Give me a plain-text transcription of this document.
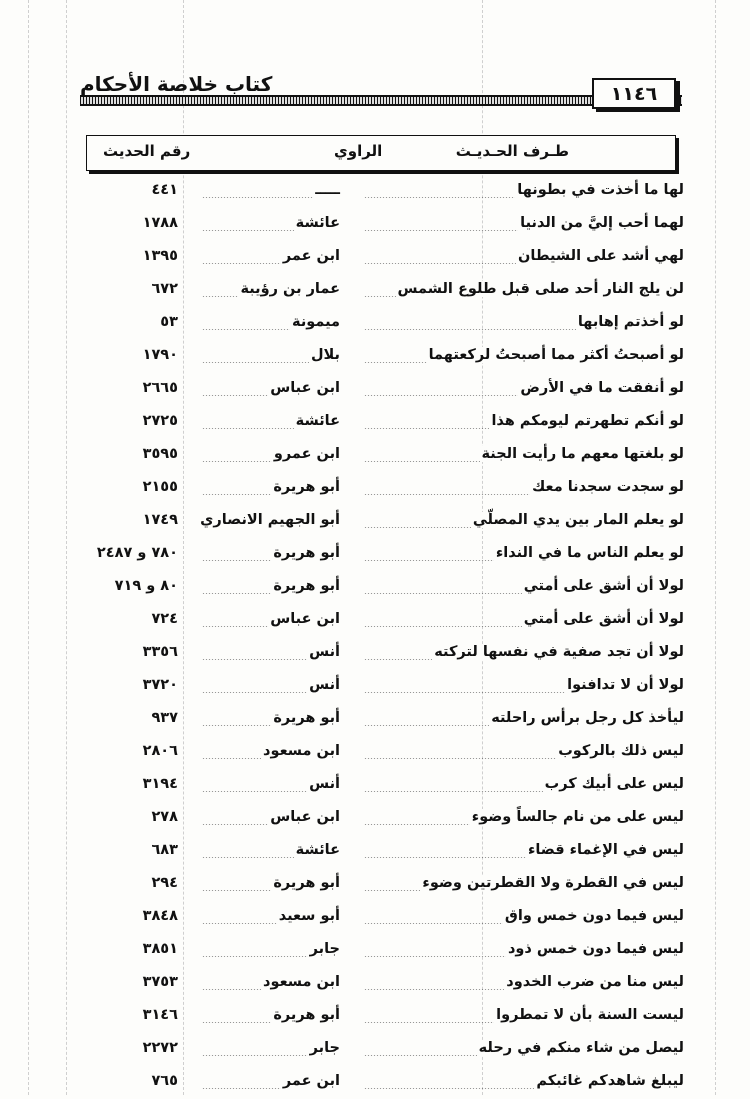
كتاب خلاصة الأحكام	١١٤٦
طـرف الحـديـث
الراوي
رقم الحديث
لها ما أخذت في بطونها
ـــــ
٤٤١
لهما أحب إليَّ من الدنيا
عائشة
١٧٨٨
لهي أشد على الشيطان
ابن عمر
١٣٩٥
لن يلج النار أحد صلى قبل طلوع الشمس
عمار بن رؤيبة
٦٧٢
لو أخذتم إهابها
ميمونة
٥٣
لو أصبحتُ أكثر مما أصبحتُ لركعتهما
بلال
١٧٩٠
لو أنفقت ما في الأرض
ابن عباس
٢٦٦٥
لو أنكم تطهرتم ليومكم هذا
عائشة
٢٧٢٥
لو بلغتها معهم ما رأيت الجنة
ابن عمرو
٣٥٩٥
لو سجدت سجدنا معك
أبو هريرة
٢١٥٥
لو يعلم المار بين يدي المصلّي
أبو الجهيم الانصاري
١٧٤٩
لو يعلم الناس ما في النداء
أبو هريرة
٧٨٠ و ٢٤٨٧
لولا أن أشق على أمتي
أبو هريرة
٨٠ و ٧١٩
لولا أن أشق على أمتي
ابن عباس
٧٢٤
لولا أن تجد صفية في نفسها لتركته
أنس
٣٣٥٦
لولا أن لا تدافنوا
أنس
٣٧٢٠
ليأخذ كل رجل برأس راحلته
أبو هريرة
٩٣٧
ليس ذلك بالركوب
ابن مسعود
٢٨٠٦
ليس على أبيك كرب
أنس
٣١٩٤
ليس على من نام جالساً وضوء
ابن عباس
٢٧٨
ليس في الإغماء قضاء
عائشة
٦٨٣
ليس في القطرة ولا القطرتين وضوء
أبو هريرة
٢٩٤
ليس فيما دون خمس واق
أبو سعيد
٣٨٤٨
ليس فيما دون خمس ذود
جابر
٣٨٥١
ليس منا من ضرب الخدود
ابن مسعود
٣٧٥٣
ليست السنة بأن لا تمطروا
أبو هريرة
٣١٤٦
ليصل من شاء منكم في رحله
جابر
٢٢٧٢
ليبلغ شاهدكم غائبكم
ابن عمر
٧٦٥
